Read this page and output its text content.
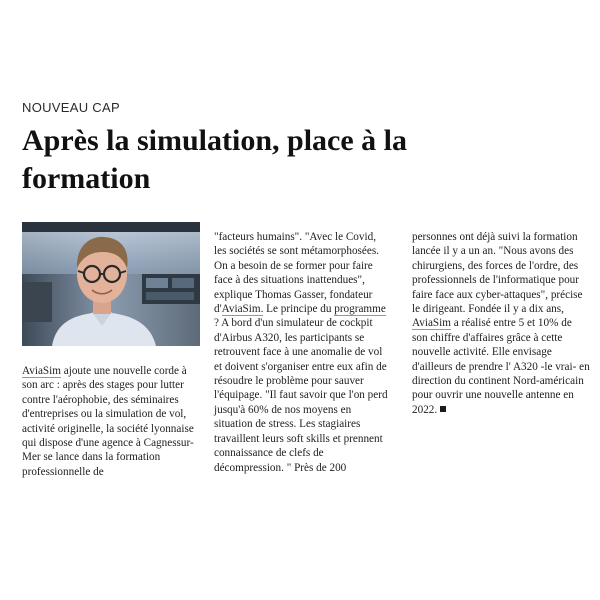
NOUVEAU CAP
Après la simulation, place à la formation

AviaSim ajoute une nouvelle corde à son arc : après des stages pour lutter contre l'aérophobie, des séminaires d'entreprises ou la simulation de vol, activité originelle, la société lyonnaise qui dispose d'une agence à Cagnessur-Mer se lance dans la formation professionnelle de

"facteurs humains". "Avec le Covid, les sociétés se sont métamorphosées. On a besoin de se former pour faire face à des situations inattendues", explique Thomas Gasser, fondateur d'AviaSim. Le principe du programme ? A bord d'un simulateur de cockpit d'Airbus A320, les participants se retrouvent face à une anomalie de vol et doivent s'organiser entre eux afin de résoudre le problème pour sauver l'équipage. "Il faut savoir que l'on perd jusqu'à 60% de nos moyens en situation de stress. Les stagiaires travaillent leurs soft skills et prennent connaissance de clefs de décompression. " Près de 200

personnes ont déjà suivi la formation lancée il y a un an. "Nous avons des chirurgiens, des forces de l'ordre, des professionnels de l'informatique pour faire face aux cyber-attaques", précise le dirigeant. Fondée il y a dix ans, AviaSim a réalisé entre 5 et 10% de son chiffre d'affaires grâce à cette nouvelle activité. Elle envisage d'ailleurs de prendre l' A320 -le vrai- en direction du continent Nord-américain pour ouvrir une nouvelle antenne en 2022.
